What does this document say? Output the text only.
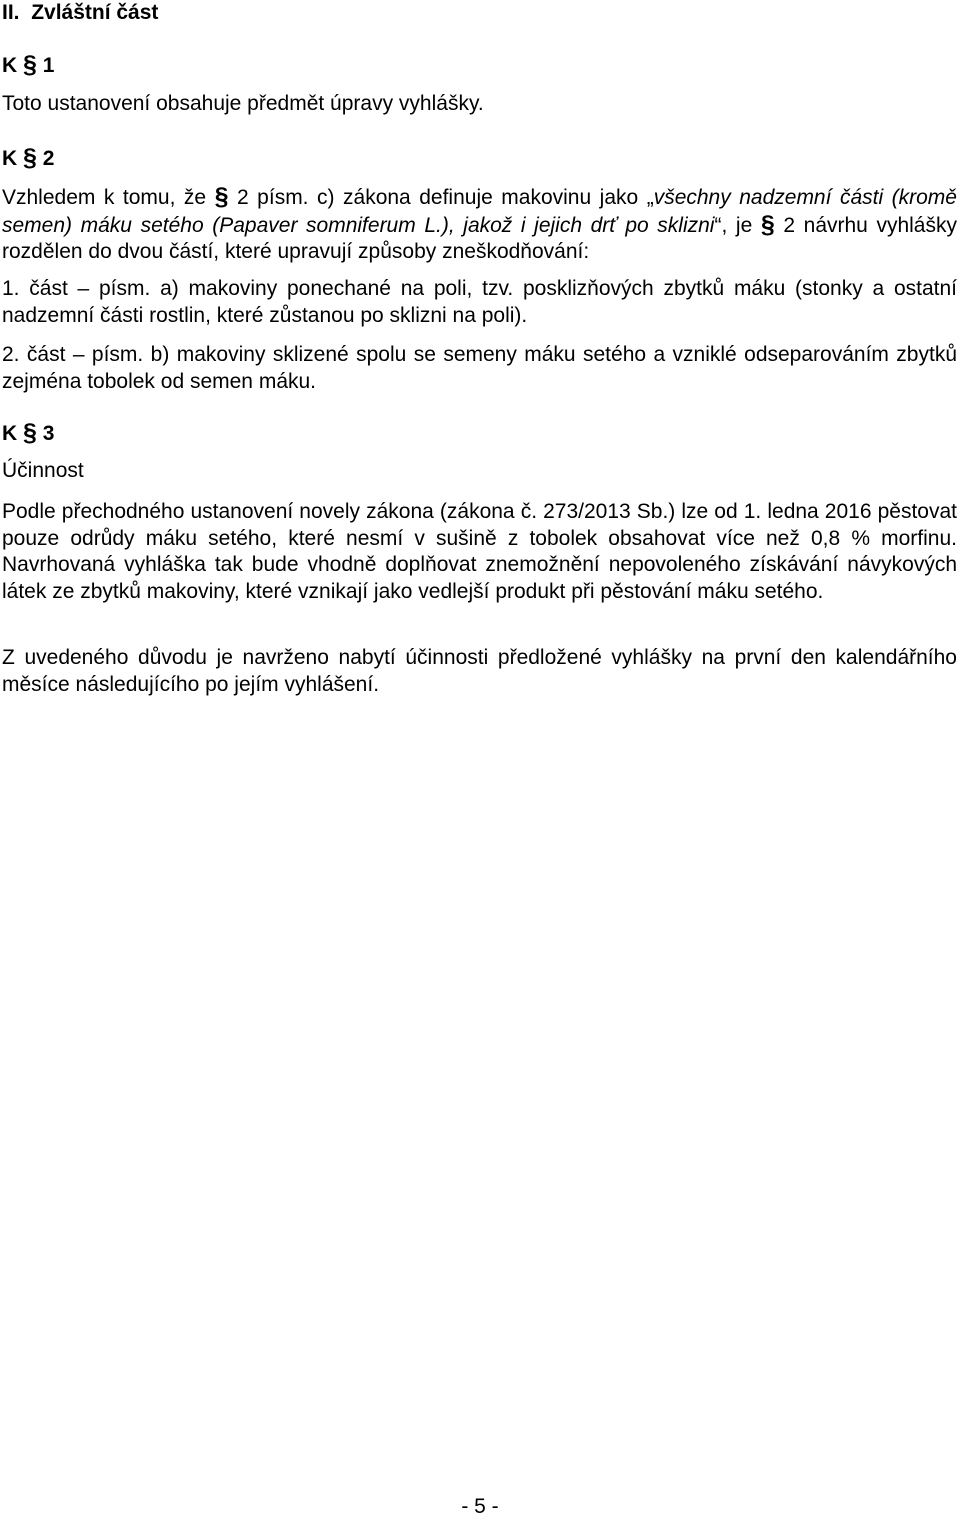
II. Zvláštní část
K § 1

Toto ustanovení obsahuje předmět úpravy vyhlášky.

K § 2

Vzhledem k tomu, že § 2 písm. c) zákona definuje makovinu jako „všechny nadzemní části (kromě semen) máku setého (Papaver somniferum L.), jakož i jejich drť po sklizni“, je § 2 návrhu vyhlášky rozdělen do dvou částí, které upravují způsoby zneškodňování:

1. část – písm. a) makoviny ponechané na poli, tzv. posklizňových zbytků máku (stonky a ostatní nadzemní části rostlin, které zůstanou po sklizni na poli).

2. část – písm. b) makoviny sklizené spolu se semeny máku setého a vzniklé odseparováním zbytků zejména tobolek od semen máku.

K § 3

Účinnost

Podle přechodného ustanovení novely zákona (zákona č. 273/2013 Sb.) lze od 1. ledna 2016 pěstovat pouze odrůdy máku setého, které nesmí v sušině z tobolek obsahovat více než 0,8 % morfinu. Navrhovaná vyhláška tak bude vhodně doplňovat znemožnění nepovoleného získávání návykových látek ze zbytků makoviny, které vznikají jako vedlejší produkt při pěstování máku setého.

Z uvedeného důvodu je navrženo nabytí účinnosti předložené vyhlášky na první den kalendářního měsíce následujícího po jejím vyhlášení.

- 5 -
